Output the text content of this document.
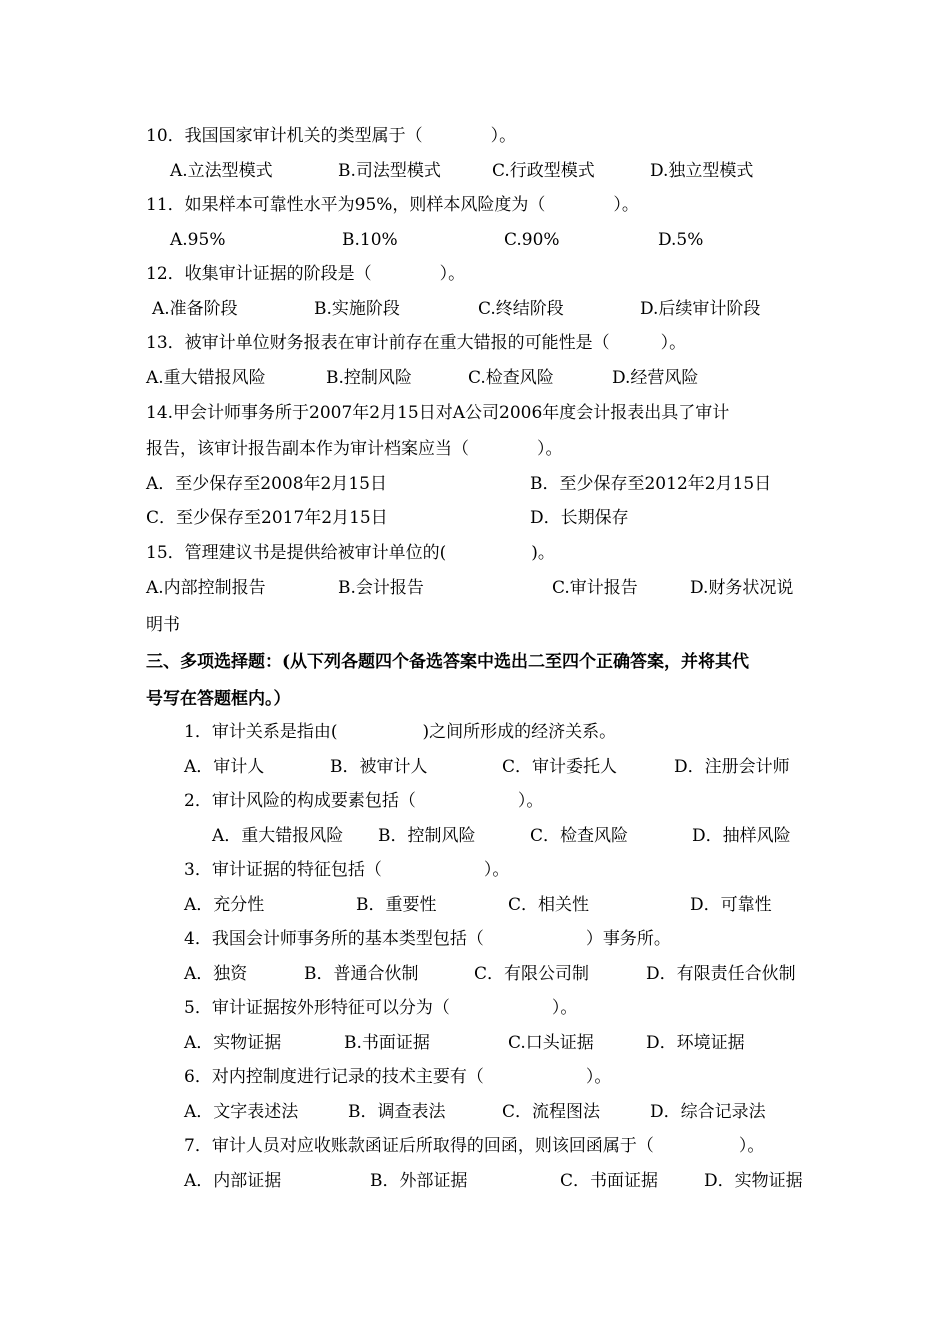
10．我国国家审计机关的类型属于（　　　　）。
A.立法型模式	B.司法型模式	C.行政型模式	D.独立型模式
11．如果样本可靠性水平为95%，则样本风险度为（　　　　）。
A.95%	B.10%	C.90%	D.5%
12．收集审计证据的阶段是（　　　　）。
A.准备阶段	B.实施阶段	C.终结阶段	D.后续审计阶段
13．被审计单位财务报表在审计前存在重大错报的可能性是（　　　）。
A.重大错报风险	B.控制风险	C.检查风险	D.经营风险
14.甲会计师事务所于2007年2月15日对A公司2006年度会计报表出具了审计
报告，该审计报告副本作为审计档案应当（　　　　）。
A．至少保存至2008年2月15日	B．至少保存至2012年2月15日
C．至少保存至2017年2月15日	D．长期保存
15．管理建议书是提供给被审计单位的(　　　　　)。
A.内部控制报告	B.会计报告	C.审计报告	D.财务状况说
明书
三、多项选择题：(从下列各题四个备选答案中选出二至四个正确答案，并将其代
号写在答题框内。）
1．审计关系是指由(　　　　　)之间所形成的经济关系。
A．审计人	B．被审计人	C．审计委托人	D．注册会计师
2．审计风险的构成要素包括（　　　　　　）。
A．重大错报风险 B．控制风险	C．检查风险	D．抽样风险
3．审计证据的特征包括（　　　　　　）。
A．充分性	B．重要性	C．相关性	D．可靠性
4．我国会计师事务所的基本类型包括（　　　　　　）事务所。
A．独资	B．普通合伙制	C．有限公司制	D．有限责任合伙制
5．审计证据按外形特征可以分为（　　　　　　）。
A．实物证据	B.书面证据	C.口头证据	D．环境证据
6．对内控制度进行记录的技术主要有（　　　　　　）。
A．文字表述法	B．调查表法	C．流程图法	D．综合记录法
7．审计人员对应收账款函证后所取得的回函，则该回函属于（　　　　　）。
A．内部证据	B．外部证据	C．书面证据	D．实物证据
